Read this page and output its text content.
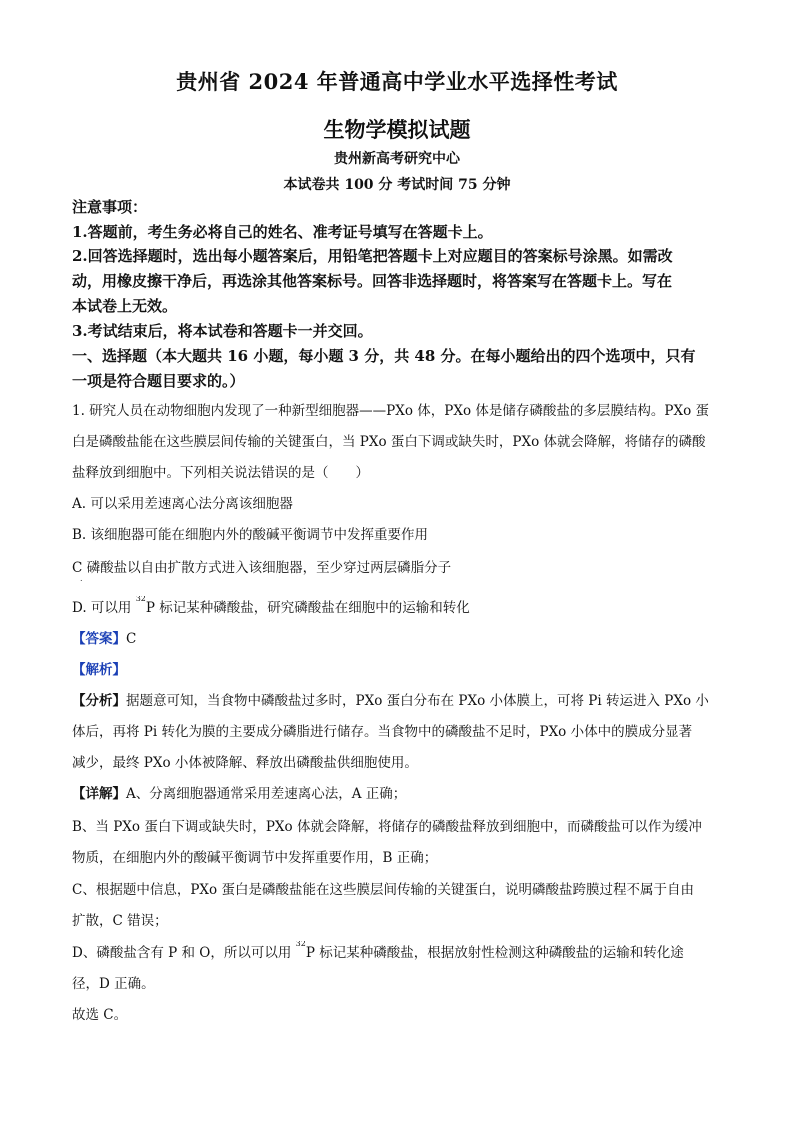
贵州省 2024 年普通高中学业水平选择性考试
生物学模拟试题
贵州新高考研究中心
本试卷共 100 分 考试时间 75 分钟
注意事项：
1.答题前，考生务必将自己的姓名、准考证号填写在答题卡上。
2.回答选择题时，选出每小题答案后，用铅笔把答题卡上对应题目的答案标号涂黑。如需改
动，用橡皮擦干净后，再选涂其他答案标号。回答非选择题时，将答案写在答题卡上。写在
本试卷上无效。
3.考试结束后，将本试卷和答题卡一并交回。
一、选择题（本大题共 16 小题，每小题 3 分，共 48 分。在每小题给出的四个选项中，只有
一项是符合题目要求的。）
1. 研究人员在动物细胞内发现了一种新型细胞器——PXo 体，PXo 体是储存磷酸盐的多层膜结构。PXo 蛋
白是磷酸盐能在这些膜层间传输的关键蛋白，当 PXo 蛋白下调或缺失时，PXo 体就会降解，将储存的磷酸
盐释放到细胞中。下列相关说法错误的是（　　）
A. 可以采用差速离心法分离该细胞器
B. 该细胞器可能在细胞内外的酸碱平衡调节中发挥重要作用
C 磷酸盐以自由扩散方式进入该细胞器，至少穿过两层磷脂分子
.
D. 可以用 $^{32}$P 标记某种磷酸盐，研究磷酸盐在细胞中的运输和转化
【答案】C
【解析】
【分析】据题意可知，当食物中磷酸盐过多时，PXo 蛋白分布在 PXo 小体膜上，可将 Pi 转运进入 PXo 小
体后，再将 Pi 转化为膜的主要成分磷脂进行储存。当食物中的磷酸盐不足时，PXo 小体中的膜成分显著
减少，最终 PXo 小体被降解、释放出磷酸盐供细胞使用。
【详解】A、分离细胞器通常采用差速离心法，A 正确；
B、当 PXo 蛋白下调或缺失时，PXo 体就会降解，将储存的磷酸盐释放到细胞中，而磷酸盐可以作为缓冲
物质，在细胞内外的酸碱平衡调节中发挥重要作用，B 正确；
C、根据题中信息，PXo 蛋白是磷酸盐能在这些膜层间传输的关键蛋白，说明磷酸盐跨膜过程不属于自由
扩散，C 错误；
D、磷酸盐含有 P 和 O，所以可以用 $^{32}$P 标记某种磷酸盐，根据放射性检测这种磷酸盐的运输和转化途
径，D 正确。
故选 C。
